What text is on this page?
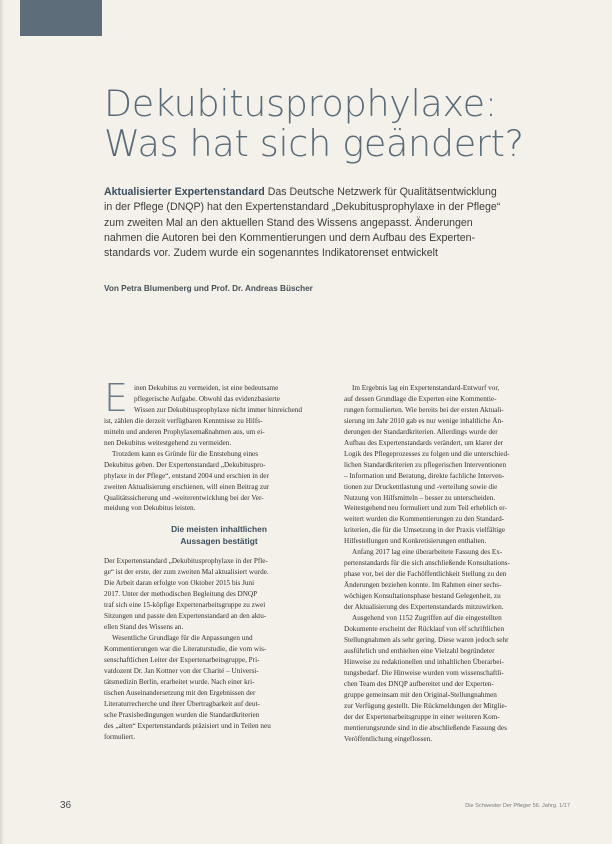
Dekubitusprophylaxe:
Was hat sich geändert?

Aktualisierter Expertenstandard Das Deutsche Netzwerk für Qualitätsentwicklung
in der Pflege (DNQP) hat den Expertenstandard „Dekubitusprophylaxe in der Pflege“
zum zweiten Mal an den aktuellen Stand des Wissens angepasst. Änderungen
nahmen die Autoren bei den Kommentierungen und dem Aufbau des Experten-
standards vor. Zudem wurde ein sogenanntes Indikatorenset entwickelt

Von Petra Blumenberg und Prof. Dr. Andreas Büscher
E inen Dekubitus zu vermeiden, ist eine bedeutsame
pflegerische Aufgabe. Obwohl das evidenzbasierte
Wissen zur Dekubitusprophylaxe nicht immer hinreichend
ist, zählen die derzeit verfügbaren Kenntnisse zu Hilfs-
mitteln und anderen Prophylaxemaßnahmen aus, um ei-
nen Dekubitus weitestgehend zu vermeiden.
Trotzdem kann es Gründe für die Entstehung eines
Dekubitus geben. Der Expertenstandard „Dekubituspro-
phylaxe in der Pflege“, entstand 2004 und erschien in der
zweiten Aktualisierung erschienen, will einen Beitrag zur
Qualitätssicherung und -weiterentwicklung bei der Ver-
meidung von Dekubitus leisten.
Die meisten inhaltlichen
Aussagen bestätigt
Der Expertenstandard „Dekubitusprophylaxe in der Pfle-
ge“ ist der erste, der zum zweiten Mal aktualisiert wurde.
Die Arbeit daran erfolgte von Oktober 2015 bis Juni
2017. Unter der methodischen Begleitung des DNQP
traf sich eine 15-köpfige Expertenarbeitsgruppe zu zwei
Sitzungen und passte den Expertenstandard an den aktu-
ellen Stand des Wissens an.
Wesentliche Grundlage für die Anpassungen und
Kommentierungen war die Literaturstudie, die vom wis-
senschaftlichen Leiter der Expertenarbeitsgruppe, Pri-
vatdozent Dr. Jan Kottner von der Charité – Universi-
tätsmedizin Berlin, erarbeitet wurde. Nach einer kri-
tischen Auseinandersetzung mit den Ergebnissen der
Literaturrecherche und ihrer Übertragbarkeit auf deut-
sche Praxisbedingungen wurden die Standardkriterien
des „alten“ Expertenstandards präzisiert und in Teilen neu
formuliert.
Im Ergebnis lag ein Expertenstandard-Entwurf vor,
auf dessen Grundlage die Experten eine Kommentie-
rungen formulierten. Wie bereits bei der ersten Aktuali-
sierung im Jahr 2010 gab es nur wenige inhaltliche Än-
derungen der Standardkriterien. Allerdings wurde der
Aufbau des Expertenstandards verändert, um klarer der
Logik des Pflegeprozesses zu folgen und die unterschied-
lichen Standardkriterien zu pflegerischen Interventionen
– Information und Beratung, direkte fachliche Interven-
tionen zur Druckentlastung und -verteilung sowie die
Nutzung von Hilfsmitteln – besser zu unterscheiden.
Weitestgehend neu formuliert und zum Teil erheblich er-
weitert wurden die Kommentierungen zu den Standard-
kriterien, die für die Umsetzung in der Praxis vielfältige
Hilfestellungen und Konkretisierungen enthalten.
Anfang 2017 lag eine überarbeitete Fassung des Ex-
pertenstandards für die sich anschließende Konsultations-
phase vor, bei der die Fachöffentlichkeit Stellung zu den
Änderungen beziehen konnte. Im Rahmen einer sechs-
wöchigen Konsultationsphase bestand Gelegenheit, zu
der Aktualisierung des Expertenstandards mitzuwirken.
Ausgehend von 1152 Zugriffen auf die eingestellten
Dokumente erscheint der Rücklauf von elf schriftlichen
Stellungnahmen als sehr gering. Diese waren jedoch sehr
ausführlich und enthielten eine Vielzahl begründeter
Hinweise zu redaktionellen und inhaltlichen Überarbei-
tungsbedarf. Die Hinweise wurden vom wissenschaftli-
chen Team des DNQP aufbereitet und der Experten-
gruppe gemeinsam mit den Original-Stellungnahmen
zur Verfügung gestellt. Die Rückmeldungen der Mitglie-
der der Expertenarbeitsgruppe in einer weiteren Kom-
mentierungsrunde sind in die abschließende Fassung des
Veröffentlichung eingeflossen.
36	Die Schwester Der Pfleger 56. Jahrg. 1/17
